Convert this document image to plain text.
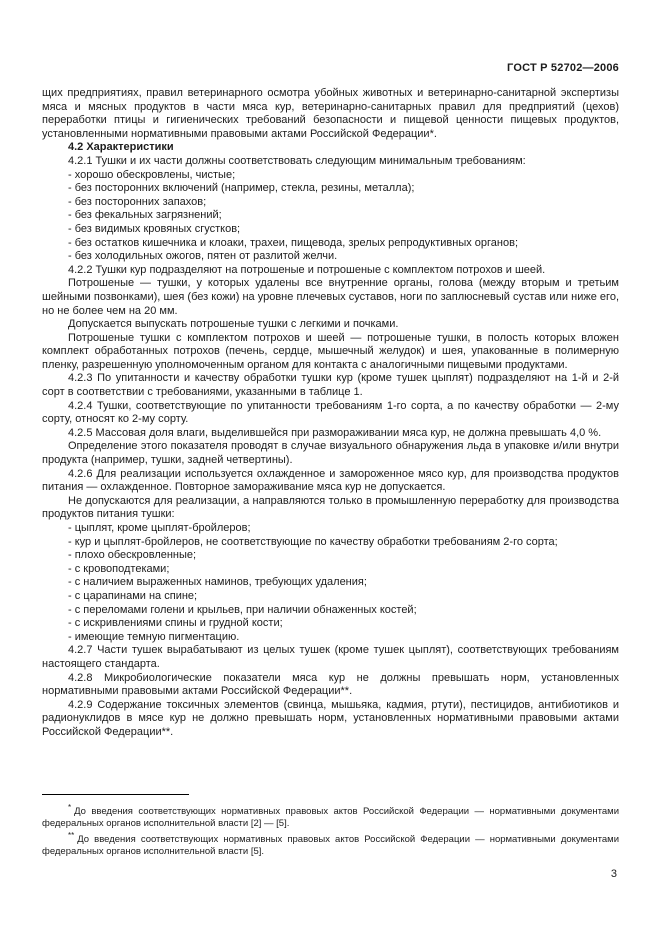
ГОСТ Р 52702—2006

щих предприятиях, правил ветеринарного осмотра убойных животных и ветеринарно-санитарной экспертизы мяса и мясных продуктов в части мяса кур, ветеринарно-санитарных правил для предприятий (цехов) переработки птицы и гигиенических требований безопасности и пищевой ценности пищевых продуктов, установленными нормативными правовыми актами Российской Федерации*.

4.2 Характеристики

4.2.1 Тушки и их части должны соответствовать следующим минимальным требованиям:

- хорошо обескровлены, чистые;

- без посторонних включений (например, стекла, резины, металла);

- без посторонних запахов;

- без фекальных загрязнений;

- без видимых кровяных сгустков;

- без остатков кишечника и клоаки, трахеи, пищевода, зрелых репродуктивных органов;

- без холодильных ожогов, пятен от разлитой желчи.

4.2.2 Тушки кур подразделяют на потрошеные и потрошеные с комплектом потрохов и шеей.

Потрошеные — тушки, у которых удалены все внутренние органы, голова (между вторым и третьим шейными позвонками), шея (без кожи) на уровне плечевых суставов, ноги по заплюсневый сустав или ниже его, но не более чем на 20 мм.

Допускается выпускать потрошеные тушки с легкими и почками.

Потрошеные тушки с комплектом потрохов и шеей — потрошеные тушки, в полость которых вложен комплект обработанных потрохов (печень, сердце, мышечный желудок) и шея, упакованные в полимерную пленку, разрешенную уполномоченным органом для контакта с аналогичными пищевыми продуктами.

4.2.3 По упитанности и качеству обработки тушки кур (кроме тушек цыплят) подразделяют на 1-й и 2-й сорт в соответствии с требованиями, указанными в таблице 1.

4.2.4 Тушки, соответствующие по упитанности требованиям 1-го сорта, а по качеству обработки — 2-му сорту, относят ко 2-му сорту.

4.2.5 Массовая доля влаги, выделившейся при размораживании мяса кур, не должна превышать 4,0 %.

Определение этого показателя проводят в случае визуального обнаружения льда в упаковке и/или внутри продукта (например, тушки, задней четвертины).

4.2.6 Для реализации используется охлажденное и замороженное мясо кур, для производства продуктов питания — охлажденное. Повторное замораживание мяса кур не допускается.

Не допускаются для реализации, а направляются только в промышленную переработку для производства продуктов питания тушки:

- цыплят, кроме цыплят-бройлеров;

- кур и цыплят-бройлеров, не соответствующие по качеству обработки требованиям 2-го сорта;

- плохо обескровленные;

- с кровоподтеками;

- с наличием выраженных наминов, требующих удаления;

- с царапинами на спине;

- с переломами голени и крыльев, при наличии обнаженных костей;

- с искривлениями спины и грудной кости;

- имеющие темную пигментацию.

4.2.7 Части тушек вырабатывают из целых тушек (кроме тушек цыплят), соответствующих требованиям настоящего стандарта.

4.2.8 Микробиологические показатели мяса кур не должны превышать норм, установленных нормативными правовыми актами Российской Федерации**.

4.2.9 Содержание токсичных элементов (свинца, мышьяка, кадмия, ртути), пестицидов, антибиотиков и радионуклидов в мясе кур не должно превышать норм, установленных нормативными правовыми актами Российской Федерации**.

* До введения соответствующих нормативных правовых актов Российской Федерации — нормативными документами федеральных органов исполнительной власти [2] — [5].

** До введения соответствующих нормативных правовых актов Российской Федерации — нормативными документами федеральных органов исполнительной власти [5].

3
